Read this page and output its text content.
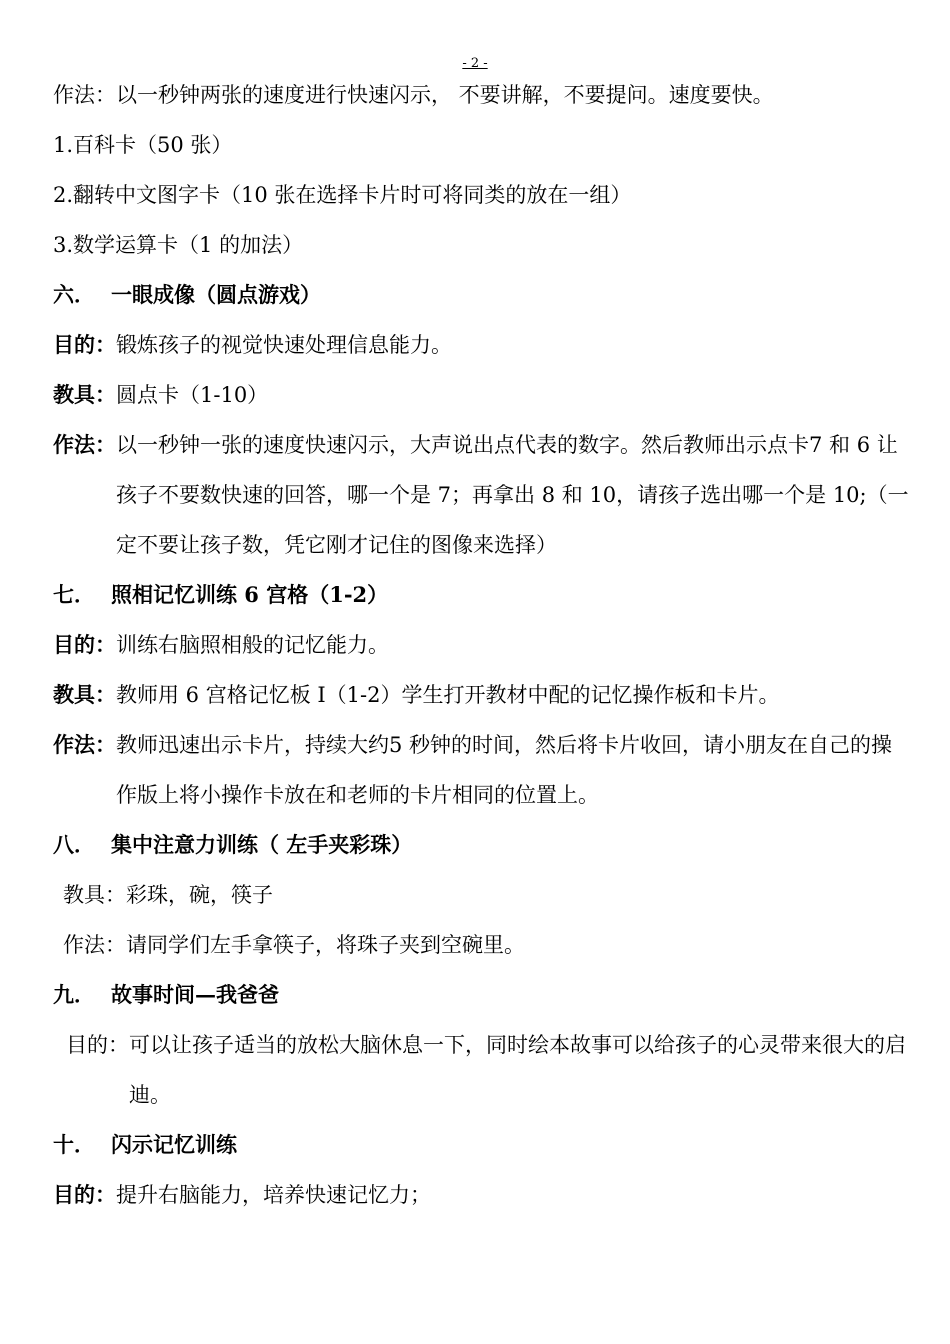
- 2 -
作法：以一秒钟两张的速度进行快速闪示， 不要讲解，不要提问。速度要快。
1.百科卡（50 张）
2.翻转中文图字卡（10 张在选择卡片时可将同类的放在一组）
3.数学运算卡（1 的加法）
六． 一眼成像（圆点游戏）
目的：锻炼孩子的视觉快速处理信息能力。
教具：圆点卡（1-10）
作法： 以一秒钟一张的速度快速闪示，大声说出点代表的数字。然后教师出示点卡7 和 6 让孩子不要数快速的回答，哪一个是 7；再拿出 8 和 10，请孩子选出哪一个是 10;（一定不要让孩子数，凭它刚才记住的图像来选择）
七． 照相记忆训练 6 宫格（1-2）
目的：训练右脑照相般的记忆能力。
教具：教师用 6 宫格记忆板 I（1-2）学生打开教材中配的记忆操作板和卡片。
作法： 教师迅速出示卡片，持续大约5 秒钟的时间，然后将卡片收回，请小朋友在自己的操作版上将小操作卡放在和老师的卡片相同的位置上。
八． 集中注意力训练（ 左手夹彩珠）
教具：彩珠，碗，筷子
作法：请同学们左手拿筷子，将珠子夹到空碗里。
九． 故事时间—我爸爸
目的： 可以让孩子适当的放松大脑休息一下，同时绘本故事可以给孩子的心灵带来很大的启迪。
十． 闪示记忆训练
目的：提升右脑能力，培养快速记忆力；
